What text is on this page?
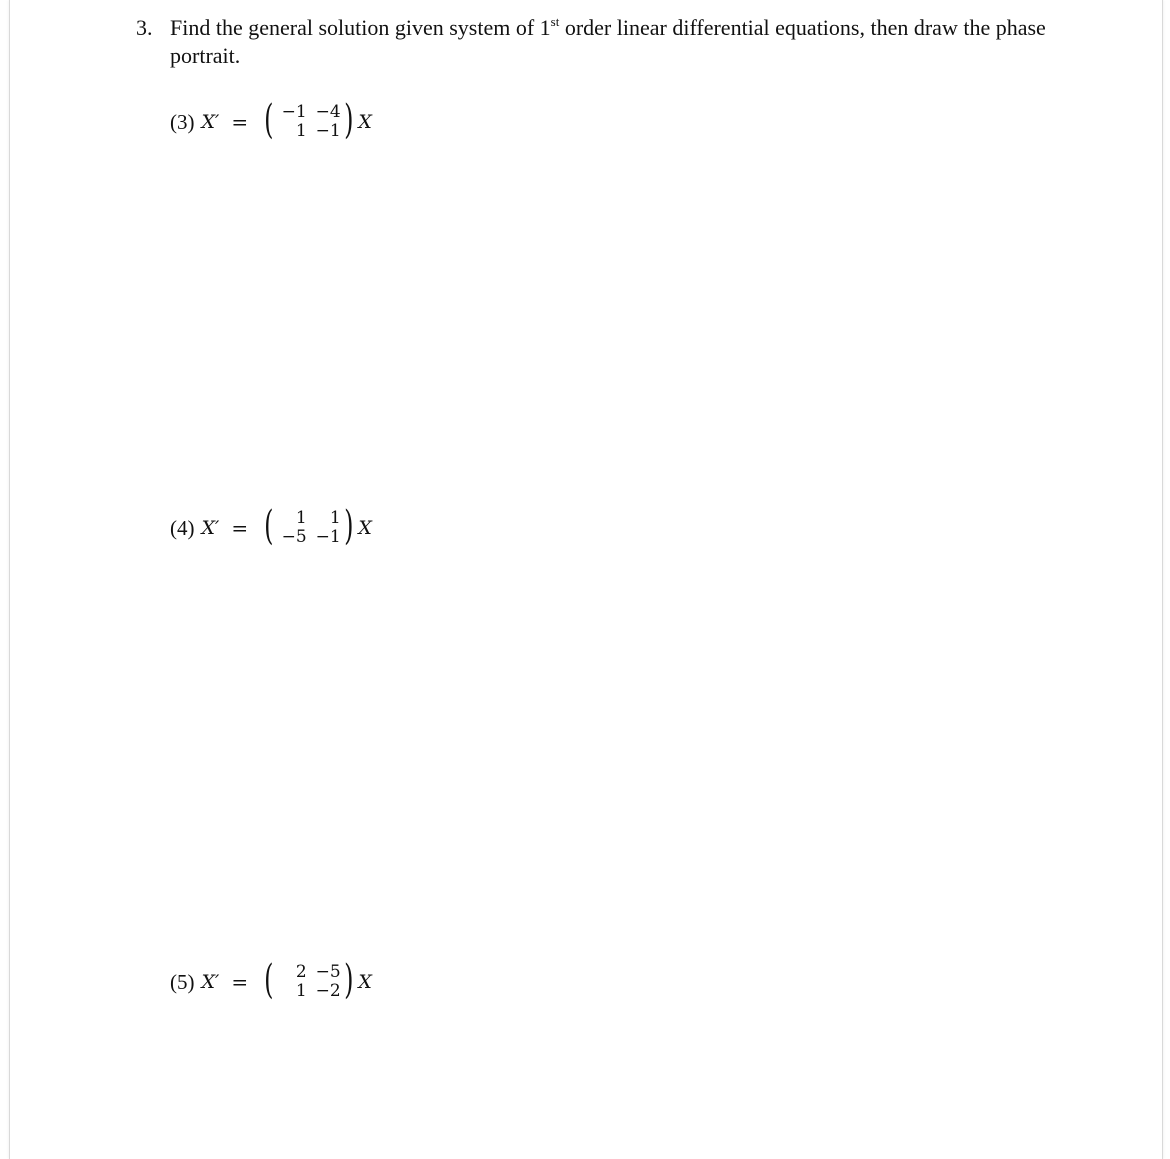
3. Find the general solution given system of 1st order linear differential equations, then draw the phase portrait.
(3) X′ = ( −1 −4
1 −1 ) X
(4) X′ = (	1	1
−5 −1 ) X
(5) X′ = (	2 −5
1 −2 ) X
